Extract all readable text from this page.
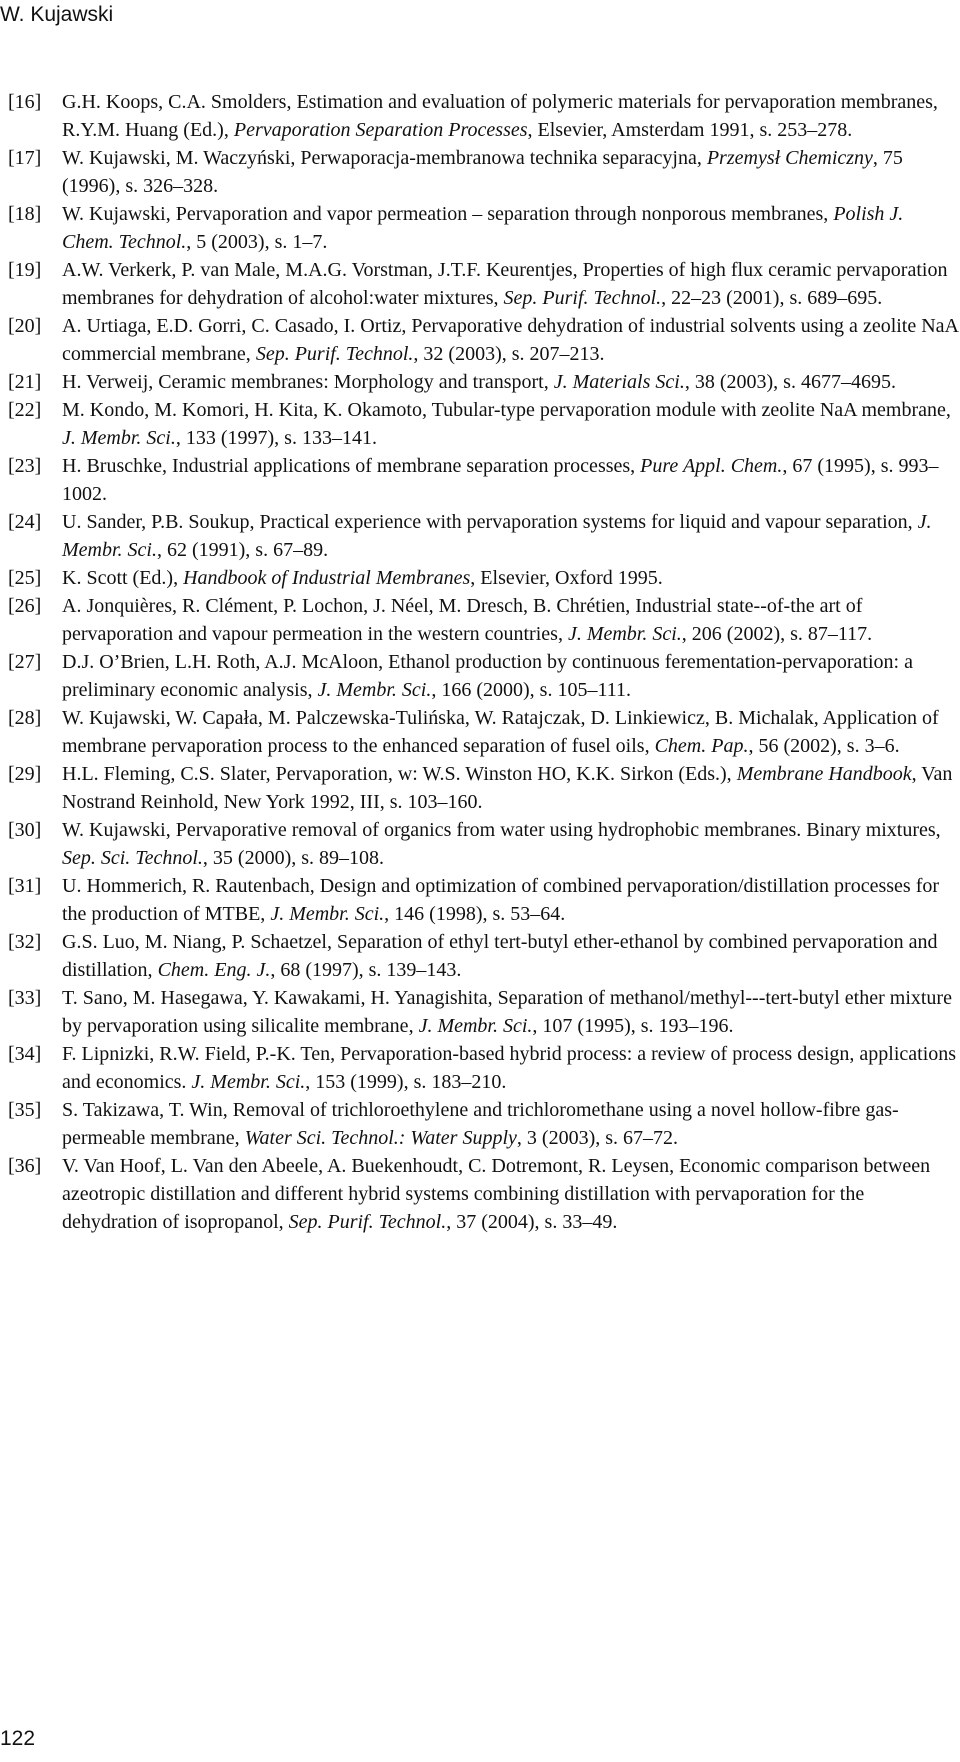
W. Kujawski

[16] G.H. Koops, C.A. Smolders, Estimation and evaluation of polymeric materials for pervaporation membranes, R.Y.M. Huang (Ed.), Pervaporation Separation Processes, Elsevier, Amsterdam 1991, s. 253–278.

[17] W. Kujawski, M. Waczyński, Perwaporacja-membranowa technika separacyjna, Przemysł Chemiczny, 75 (1996), s. 326–328.

[18] W. Kujawski, Pervaporation and vapor permeation – separation through nonporous membranes, Polish J. Chem. Technol., 5 (2003), s. 1–7.

[19] A.W. Verkerk, P. van Male, M.A.G. Vorstman, J.T.F. Keurentjes, Properties of high flux ceramic pervaporation membranes for dehydration of alcohol:water mixtures, Sep. Purif. Technol., 22–23 (2001), s. 689–695.

[20] A. Urtiaga, E.D. Gorri, C. Casado, I. Ortiz, Pervaporative dehydration of industrial solvents using a zeolite NaA commercial membrane, Sep. Purif. Technol., 32 (2003), s. 207–213.

[21] H. Verweij, Ceramic membranes: Morphology and transport, J. Materials Sci., 38 (2003), s. 4677–4695.

[22] M. Kondo, M. Komori, H. Kita, K. Okamoto, Tubular-type pervaporation module with zeolite NaA membrane, J. Membr. Sci., 133 (1997), s. 133–141.

[23] H. Bruschke, Industrial applications of membrane separation processes, Pure Appl. Chem., 67 (1995), s. 993–1002.

[24] U. Sander, P.B. Soukup, Practical experience with pervaporation systems for liquid and vapour separation, J. Membr. Sci., 62 (1991), s. 67–89.

[25] K. Scott (Ed.), Handbook of Industrial Membranes, Elsevier, Oxford 1995.

[26] A. Jonquières, R. Clément, P. Lochon, J. Néel, M. Dresch, B. Chrétien, Industrial state-‑of-the art of pervaporation and vapour permeation in the western countries, J. Membr. Sci., 206 (2002), s. 87–117.

[27] D.J. O’Brien, L.H. Roth, A.J. McAloon, Ethanol production by continuous ferementation-pervaporation: a preliminary economic analysis, J. Membr. Sci., 166 (2000), s. 105–111.

[28] W. Kujawski, W. Capała, M. Palczewska-Tulińska, W. Ratajczak, D. Linkiewicz, B. Michalak, Application of membrane pervaporation process to the enhanced separation of fusel oils, Chem. Pap., 56 (2002), s. 3–6.

[29] H.L. Fleming, C.S. Slater, Pervaporation, w: W.S. Winston HO, K.K. Sirkon (Eds.), Membrane Handbook, Van Nostrand Reinhold, New York 1992, III, s. 103–160.

[30] W. Kujawski, Pervaporative removal of organics from water using hydrophobic membranes. Binary mixtures, Sep. Sci. Technol., 35 (2000), s. 89–108.

[31] U. Hommerich, R. Rautenbach, Design and optimization of combined pervaporation/distillation processes for the production of MTBE, J. Membr. Sci., 146 (1998), s. 53–64.

[32] G.S. Luo, M. Niang, P. Schaetzel, Separation of ethyl tert-butyl ether-ethanol by combined pervaporation and distillation, Chem. Eng. J., 68 (1997), s. 139–143.

[33] T. Sano, M. Hasegawa, Y. Kawakami, H. Yanagishita, Separation of methanol/methyl-‑-tert-butyl ether mixture by pervaporation using silicalite membrane, J. Membr. Sci., 107 (1995), s. 193–196.

[34] F. Lipnizki, R.W. Field, P.-K. Ten, Pervaporation-based hybrid process: a review of process design, applications and economics. J. Membr. Sci., 153 (1999), s. 183–210.

[35] S. Takizawa, T. Win, Removal of trichloroethylene and trichloromethane using a novel hollow-fibre gas-permeable membrane, Water Sci. Technol.: Water Supply, 3 (2003), s. 67–72.

[36] V. Van Hoof, L. Van den Abeele, A. Buekenhoudt, C. Dotremont, R. Leysen, Economic comparison between azeotropic distillation and different hybrid systems combining distillation with pervaporation for the dehydration of isopropanol, Sep. Purif. Technol., 37 (2004), s. 33–49.

122
